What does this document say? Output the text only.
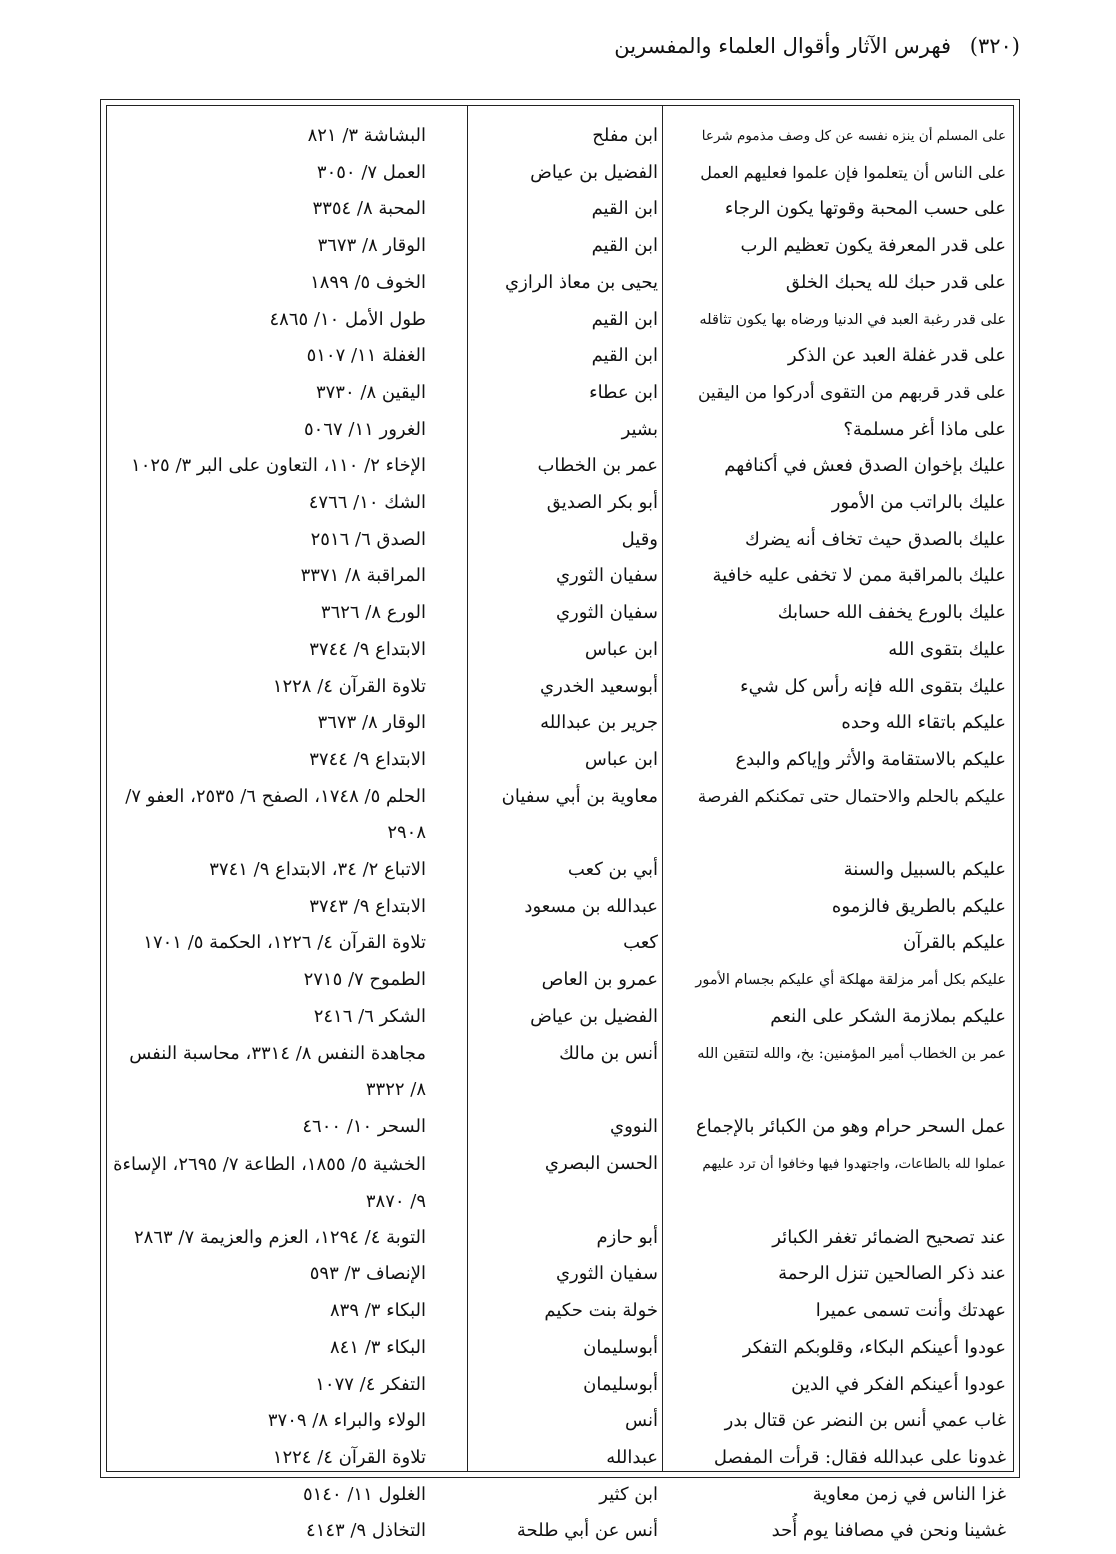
(٣٢٠) فهرس الآثار وأقوال العلماء والمفسرين
على المسلم أن ينزه نفسه عن كل وصف مذموم شرعا
ابن مفلح
البشاشة ٣/ ٨٢١
على الناس أن يتعلموا فإن علموا فعليهم العمل
الفضيل بن عياض
العمل ٧/ ٣٠٥٠
على حسب المحبة وقوتها يكون الرجاء
ابن القيم
المحبة ٨/ ٣٣٥٤
على قدر المعرفة يكون تعظيم الرب
ابن القيم
الوقار ٨/ ٣٦٧٣
على قدر حبك لله يحبك الخلق
يحيى بن معاذ الرازي
الخوف ٥/ ١٨٩٩
على قدر رغبة العبد في الدنيا ورضاه بها يكون تثاقله
ابن القيم
طول الأمل ١٠/ ٤٨٦٥
على قدر غفلة العبد عن الذكر
ابن القيم
الغفلة ١١/ ٥١٠٧
على قدر قربهم من التقوى أدركوا من اليقين
ابن عطاء
اليقين ٨/ ٣٧٣٠
على ماذا أغر مسلمة؟
بشير
الغرور ١١/ ٥٠٦٧
عليك بإخوان الصدق فعش في أكنافهم
عمر بن الخطاب
الإخاء ٢/ ١١٠، التعاون على البر ٣/ ١٠٢٥
عليك بالراتب من الأمور
أبو بكر الصديق
الشك ١٠/ ٤٧٦٦
عليك بالصدق حيث تخاف أنه يضرك
وقيل
الصدق ٦/ ٢٥١٦
عليك بالمراقبة ممن لا تخفى عليه خافية
سفيان الثوري
المراقبة ٨/ ٣٣٧١
عليك بالورع يخفف الله حسابك
سفيان الثوري
الورع ٨/ ٣٦٢٦
عليك بتقوى الله
ابن عباس
الابتداع ٩/ ٣٧٤٤
عليك بتقوى الله فإنه رأس كل شيء
أبوسعيد الخدري
تلاوة القرآن ٤/ ١٢٢٨
عليكم باتقاء الله وحده
جرير بن عبدالله
الوقار ٨/ ٣٦٧٣
عليكم بالاستقامة والأثر وإياكم والبدع
ابن عباس
الابتداع ٩/ ٣٧٤٤
عليكم بالحلم والاحتمال حتى تمكنكم الفرصة
معاوية بن أبي سفيان
الحلم ٥/ ١٧٤٨، الصفح ٦/ ٢٥٣٥، العفو ٧/ ٢٩٠٨
عليكم بالسبيل والسنة
أبي بن كعب
الاتباع ٢/ ٣٤، الابتداع ٩/ ٣٧٤١
عليكم بالطريق فالزموه
عبدالله بن مسعود
الابتداع ٩/ ٣٧٤٣
عليكم بالقرآن
كعب
تلاوة القرآن ٤/ ١٢٢٦، الحكمة ٥/ ١٧٠١
عليكم بكل أمر مزلقة مهلكة أي عليكم بجسام الأمور
عمرو بن العاص
الطموح ٧/ ٢٧١٥
عليكم بملازمة الشكر على النعم
الفضيل بن عياض
الشكر ٦/ ٢٤١٦
عمر بن الخطاب أمير المؤمنين: بخ، والله لتتقين الله
أنس بن مالك
مجاهدة النفس ٨/ ٣٣١٤، محاسبة النفس ٨/ ٣٣٢٢
عمل السحر حرام وهو من الكبائر بالإجماع
النووي
السحر ١٠/ ٤٦٠٠
عملوا لله بالطاعات، واجتهدوا فيها وخافوا أن ترد عليهم
الحسن البصري
الخشية ٥/ ١٨٥٥، الطاعة ٧/ ٢٦٩٥، الإساءة ٩/ ٣٨٧٠
عند تصحيح الضمائر تغفر الكبائر
أبو حازم
التوبة ٤/ ١٢٩٤، العزم والعزيمة ٧/ ٢٨٦٣
عند ذكر الصالحين تنزل الرحمة
سفيان الثوري
الإنصاف ٣/ ٥٩٣
عهدتك وأنت تسمى عميرا
خولة بنت حكيم
البكاء ٣/ ٨٣٩
عودوا أعينكم البكاء، وقلوبكم التفكر
أبوسليمان
البكاء ٣/ ٨٤١
عودوا أعينكم الفكر في الدين
أبوسليمان
التفكر ٤/ ١٠٧٧
غاب عمي أنس بن النضر عن قتال بدر
أنس
الولاء والبراء ٨/ ٣٧٠٩
غدونا على عبدالله فقال: قرأت المفصل
عبدالله
تلاوة القرآن ٤/ ١٢٢٤
غزا الناس في زمن معاوية
ابن كثير
الغلول ١١/ ٥١٤٠
غشينا ونحن في مصافنا يوم أُحد
أنس عن أبي طلحة
التخاذل ٩/ ٤١٤٣
